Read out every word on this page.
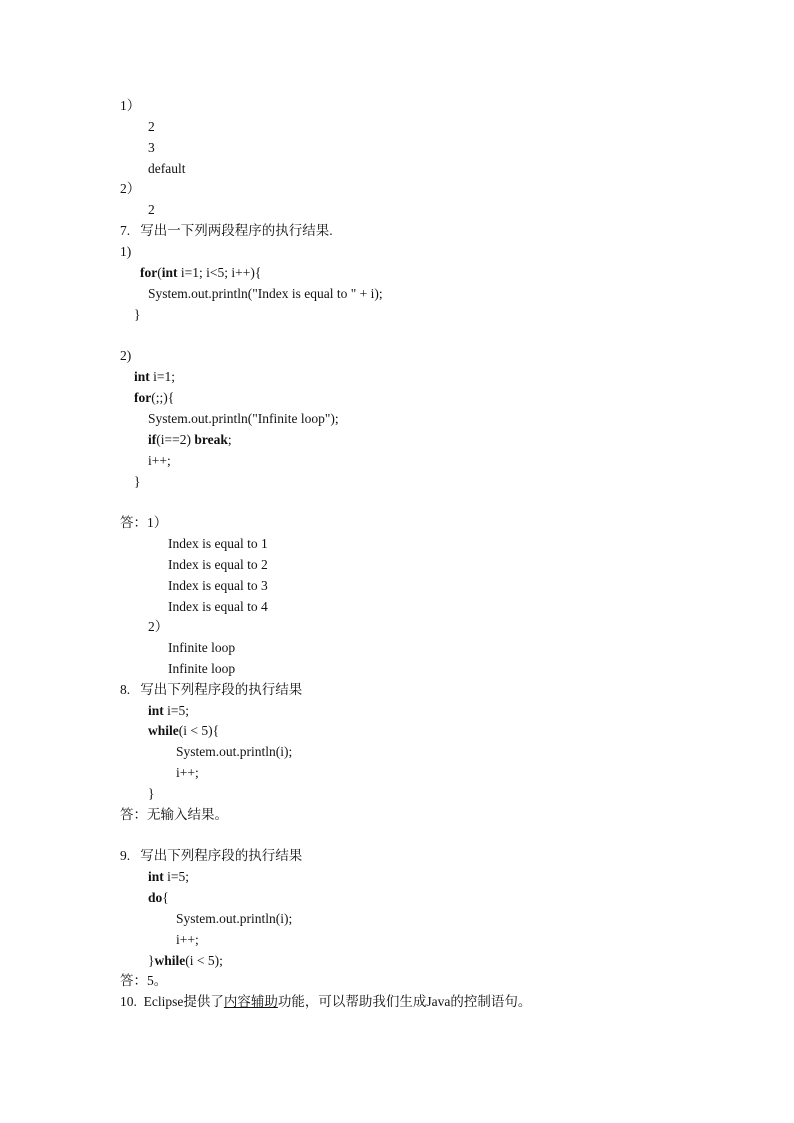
1）
2
3
default
2）
2
7.   写出一下列两段程序的执行结果.
1)
for(int i=1; i<5; i++){
System.out.println("Index is equal to " + i);
}
2)
int i=1;
for(;;){
System.out.println("Infinite loop");
if(i==2) break;
i++;
}
答：1）
Index is equal to 1
Index is equal to 2
Index is equal to 3
Index is equal to 4
2）
Infinite loop
Infinite loop
8.   写出下列程序段的执行结果
int i=5;
while(i < 5){
System.out.println(i);
i++;
}
答：无输入结果。
9.   写出下列程序段的执行结果
int i=5;
do{
System.out.println(i);
i++;
}while(i < 5);
答：5。
10.  Eclipse提供了内容辅助功能，可以帮助我们生成Java的控制语句。
